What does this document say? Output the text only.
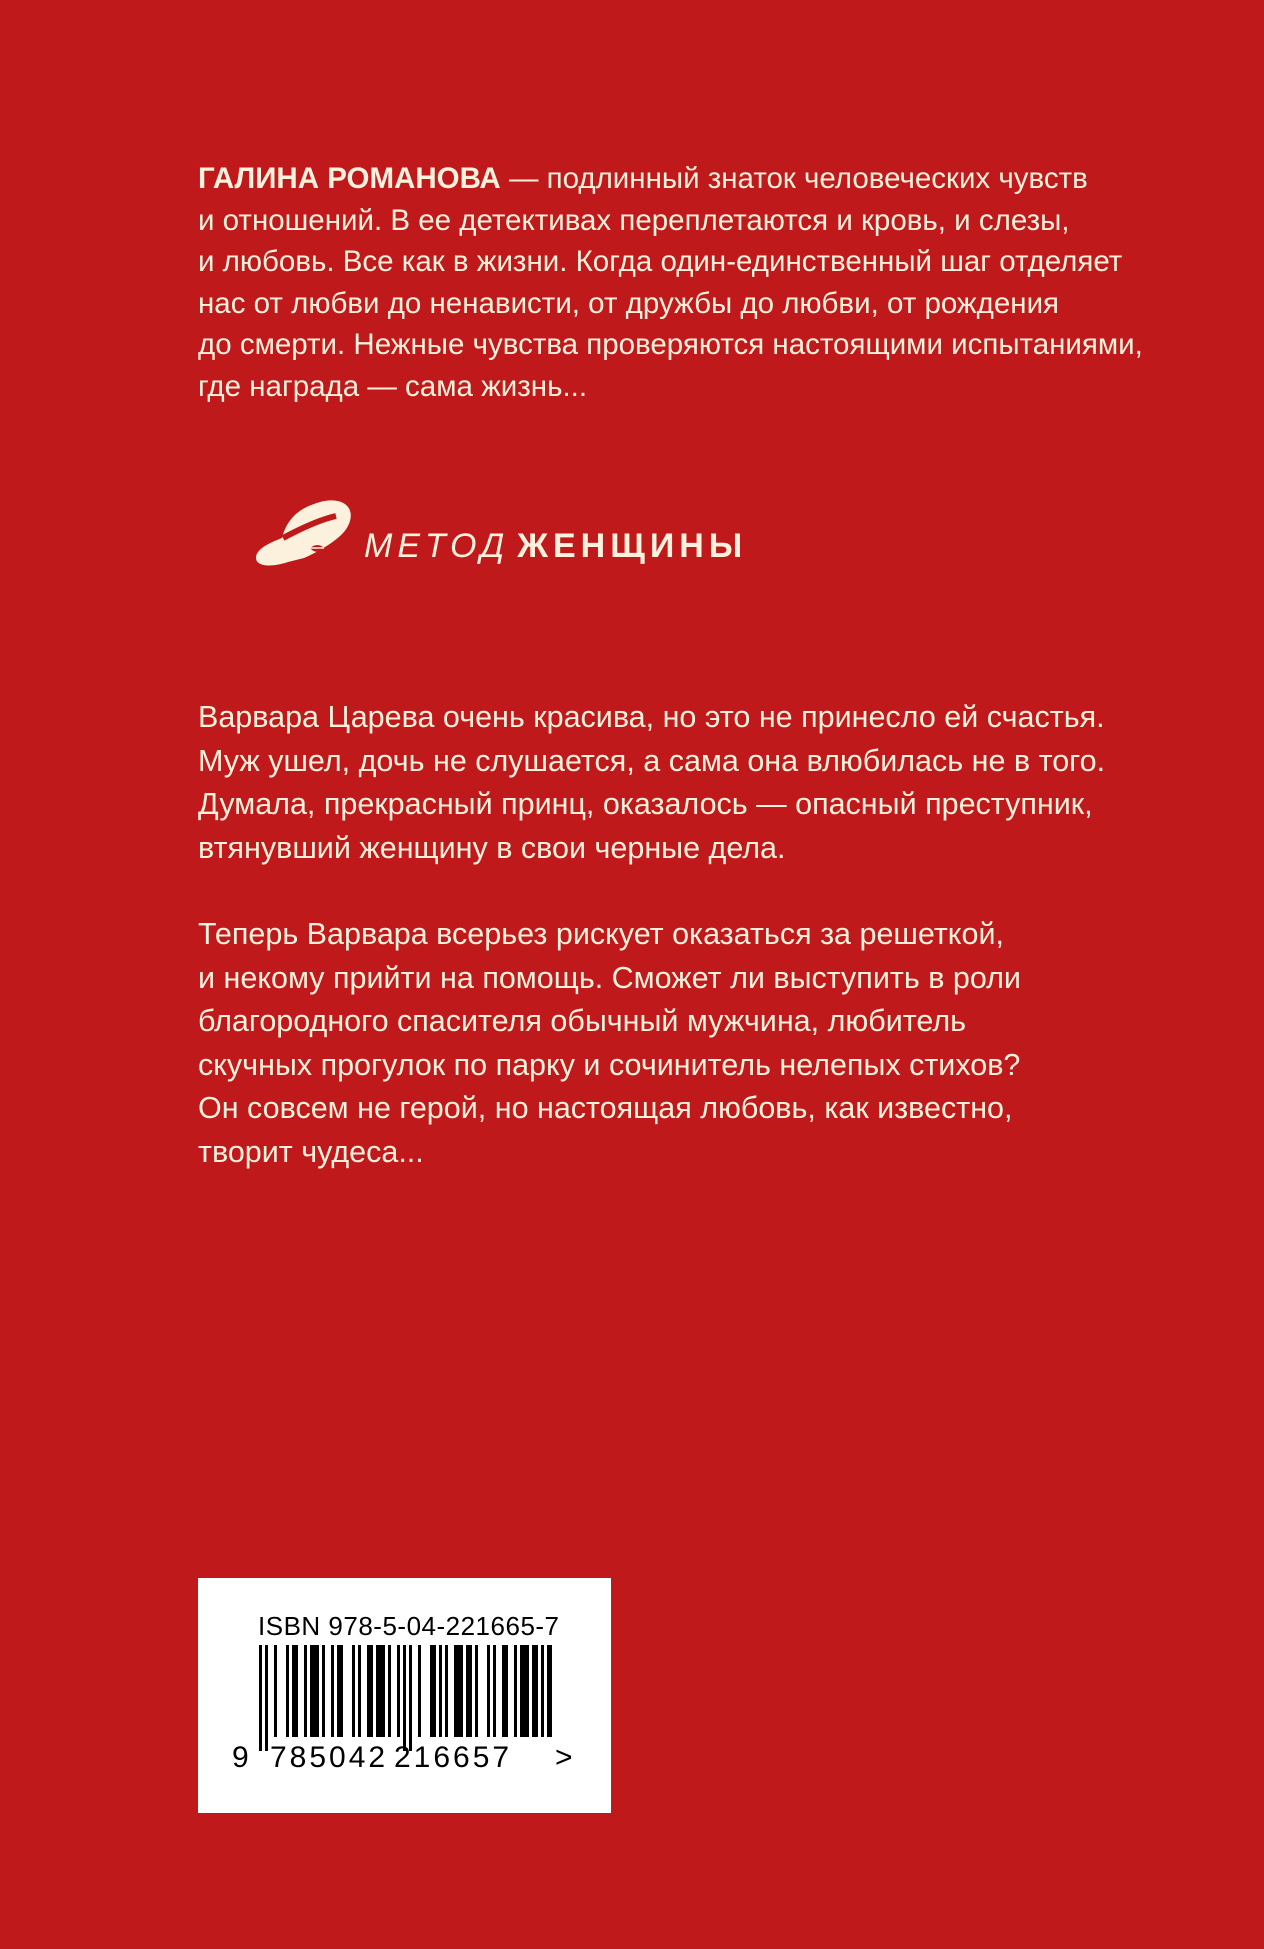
ГАЛИНА РОМАНОВА — подлинный знаток человеческих чувств
и отношений. В ее детективах переплетаются и кровь, и слезы,
и любовь. Все как в жизни. Когда один-единственный шаг отделяет
нас от любви до ненависти, от дружбы до любви, от рождения
до смерти. Нежные чувства проверяются настоящими испытаниями,
где награда — сама жизнь...
МЕТОД ЖЕНЩИНЫ
Варвара Царева очень красива, но это не принесло ей счастья.
Муж ушел, дочь не слушается, а сама она влюбилась не в того.
Думала, прекрасный принц, оказалось — опасный преступник,
втянувший женщину в свои черные дела.
Теперь Варвара всерьез рискует оказаться за решеткой,
и некому прийти на помощь. Сможет ли выступить в роли
благородного спасителя обычный мужчина, любитель
скучных прогулок по парку и сочинитель нелепых стихов?
Он совсем не герой, но настоящая любовь, как известно,
творит чудеса...
ISBN 978-5-04-221665-7
9 785042 216657 >
